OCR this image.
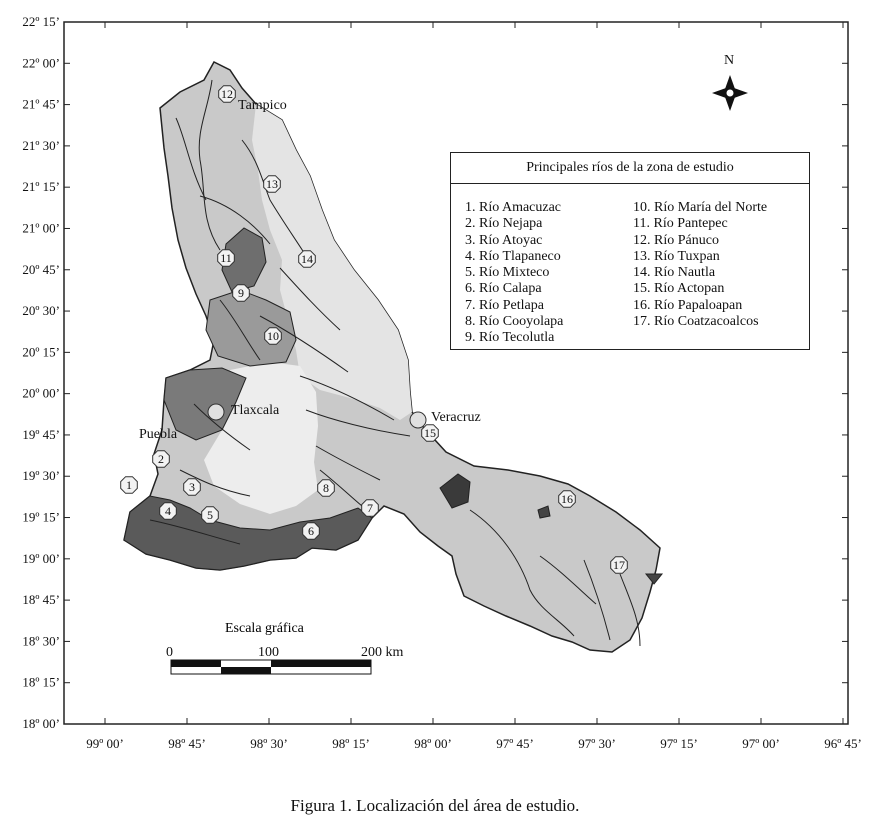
22º 15’
22º 00’
21º 45’
21º 30’
21º 15’
21º 00’
20º 45’
20º 30’
20º 15’
20º 00’
19º 45’
19º 30’
19º 15’
19º 00’
18º 45’
18º 30’
18º 15’
18º 00’
99º 00’	98º 45’	98º 30’	98º 15’	98º 00’	97º 45’	97º 30’	97º 15’	97º 00’	96º 45’
1
2
3
4	5
6
7
8
9
10
11
12
13
14
15
16
17
Tampico
Tlaxcala
Puebla
Veracruz
N
Escala gráfica
0	100	200 km
Principales ríos de la zona de estudio
1. Río Amacuzac
2. Río Nejapa
3. Río Atoyac
4. Río Tlapaneco
5. Río Mixteco
6. Río Calapa
7. Río Petlapa
8. Río Cooyolapa
9. Río Tecolutla
10. Río María del Norte
11. Río Pantepec
12. Río Pánuco
13. Río Tuxpan
14. Río Nautla
15. Río Actopan
16. Río Papaloapan
17. Río Coatzacoalcos
Figura 1. Localización del área de estudio.
